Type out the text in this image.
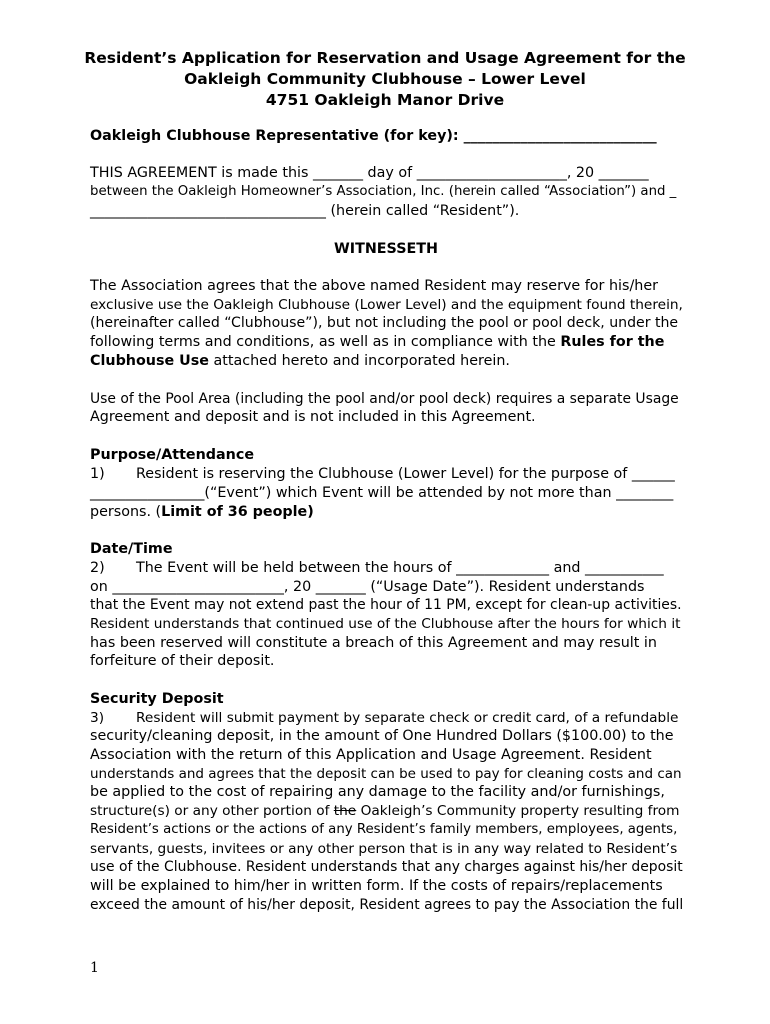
Resident’s Application for Reservation and Usage Agreement for the
Oakleigh Community Clubhouse – Lower Level
4751 Oakleigh Manor Drive
Oakleigh Clubhouse Representative (for key): ___________________________
THIS AGREEMENT is made this _______ day of _____________________, 20 _______
between the Oakleigh Homeowner’s Association, Inc. (herein called “Association”) and _
_________________________________ (herein called “Resident”).
WITNESSETH
The Association agrees that the above named Resident may reserve for his/her
exclusive use the Oakleigh Clubhouse (Lower Level) and the equipment found therein,
(hereinafter called “Clubhouse”), but not including the pool or pool deck, under the
following terms and conditions, as well as in compliance with the Rules for the
Clubhouse Use attached hereto and incorporated herein.
Use of the Pool Area (including the pool and/or pool deck) requires a separate Usage
Agreement and deposit and is not included in this Agreement.
Purpose/Attendance
1) Resident is reserving the Clubhouse (Lower Level) for the purpose of ______
________________(“Event”) which Event will be attended by not more than ________
persons. (Limit of 36 people)
Date/Time
2) The Event will be held between the hours of _____________ and ___________
on ________________________, 20 _______ (“Usage Date”). Resident understands
that the Event may not extend past the hour of 11 PM, except for clean-up activities.
Resident understands that continued use of the Clubhouse after the hours for which it
has been reserved will constitute a breach of this Agreement and may result in
forfeiture of their deposit.
Security Deposit
3) Resident will submit payment by separate check or credit card, of a refundable
security/cleaning deposit, in the amount of One Hundred Dollars ($100.00) to the
Association with the return of this Application and Usage Agreement. Resident
understands and agrees that the deposit can be used to pay for cleaning costs and can
be applied to the cost of repairing any damage to the facility and/or furnishings,
structure(s) or any other portion of the Oakleigh’s Community property resulting from
Resident’s actions or the actions of any Resident’s family members, employees, agents,
servants, guests, invitees or any other person that is in any way related to Resident’s
use of the Clubhouse. Resident understands that any charges against his/her deposit
will be explained to him/her in written form. If the costs of repairs/replacements
exceed the amount of his/her deposit, Resident agrees to pay the Association the full
1
